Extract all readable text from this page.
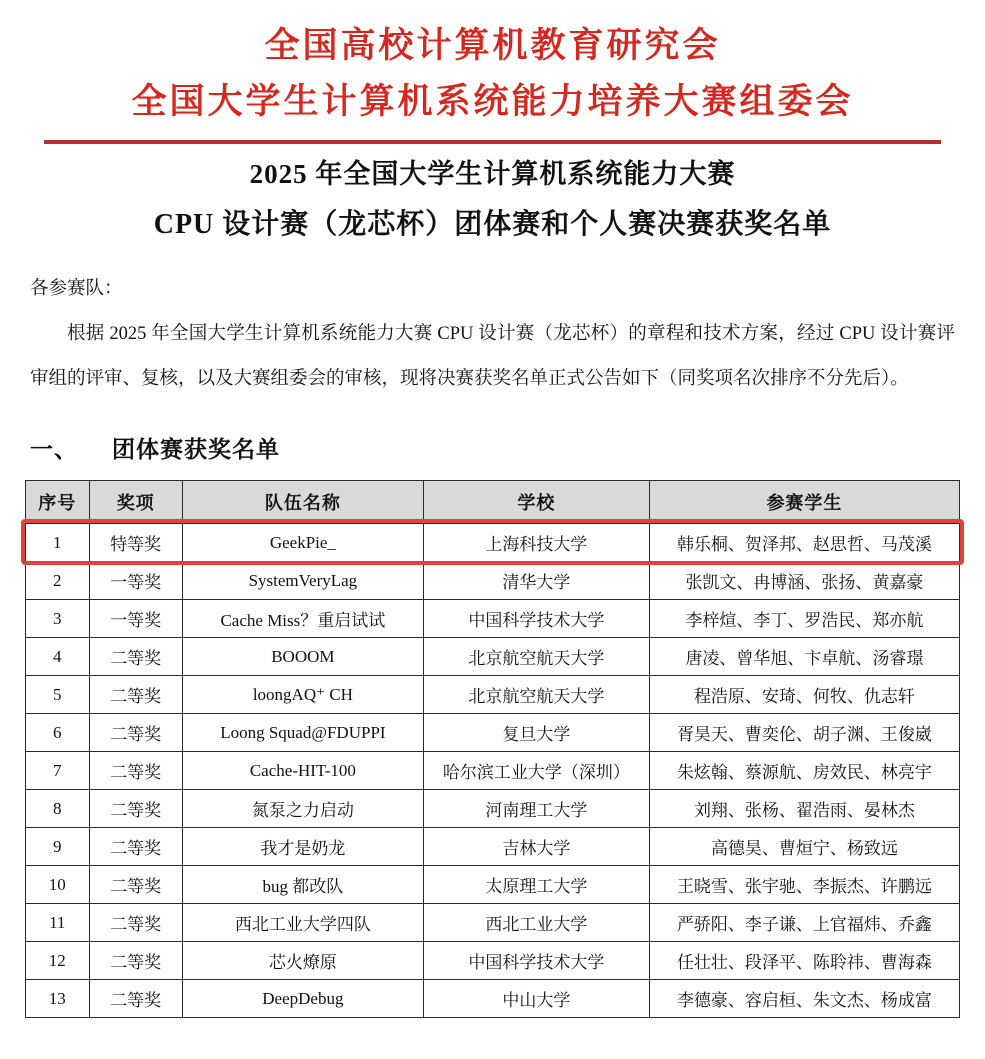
全国高校计算机教育研究会
全国大学生计算机系统能力培养大赛组委会
2025 年全国大学生计算机系统能力大赛
CPU 设计赛（龙芯杯）团体赛和个人赛决赛获奖名单
各参赛队：
根据 2025 年全国大学生计算机系统能力大赛 CPU 设计赛（龙芯杯）的章程和技术方案，经过 CPU 设计赛评审组的评审、复核，以及大赛组委会的审核，现将决赛获奖名单正式公告如下（同奖项名次排序不分先后）。
一、 团体赛获奖名单
序号	奖项	队伍名称	学校	参赛学生
1	特等奖	GeekPie_	上海科技大学	韩乐桐、贺泽邦、赵思哲、马茂溪
2	一等奖	SystemVeryLag	清华大学	张凯文、冉博涵、张扬、黄嘉豪
3	一等奖	Cache Miss？重启试试	中国科学技术大学	李梓煊、李丁、罗浩民、郑亦航
4	二等奖	BOOOM	北京航空航天大学	唐凌、曾华旭、卞卓航、汤睿璟
5	二等奖	loongAQ⁺ CH	北京航空航天大学	程浩原、安琦、何牧、仇志轩
6	二等奖	Loong Squad@FDUPPI	复旦大学	胥昊天、曹奕伦、胡子渊、王俊崴
7	二等奖	Cache-HIT-100	哈尔滨工业大学（深圳）	朱炫翰、蔡源航、房效民、林亮宇
8	二等奖	氮泵之力启动	河南理工大学	刘翔、张杨、翟浩雨、晏林杰
9	二等奖	我才是奶龙	吉林大学	高德昊、曹烜宁、杨致远
10	二等奖	bug 都改队	太原理工大学	王晓雪、张宇驰、李振杰、许鹏远
11	二等奖	西北工业大学四队	西北工业大学	严骄阳、李子谦、上官福炜、乔鑫
12	二等奖	芯火燎原	中国科学技术大学	任壮壮、段泽平、陈聆祎、曹海森
13	二等奖	DeepDebug	中山大学	李德豪、容启桓、朱文杰、杨成富
